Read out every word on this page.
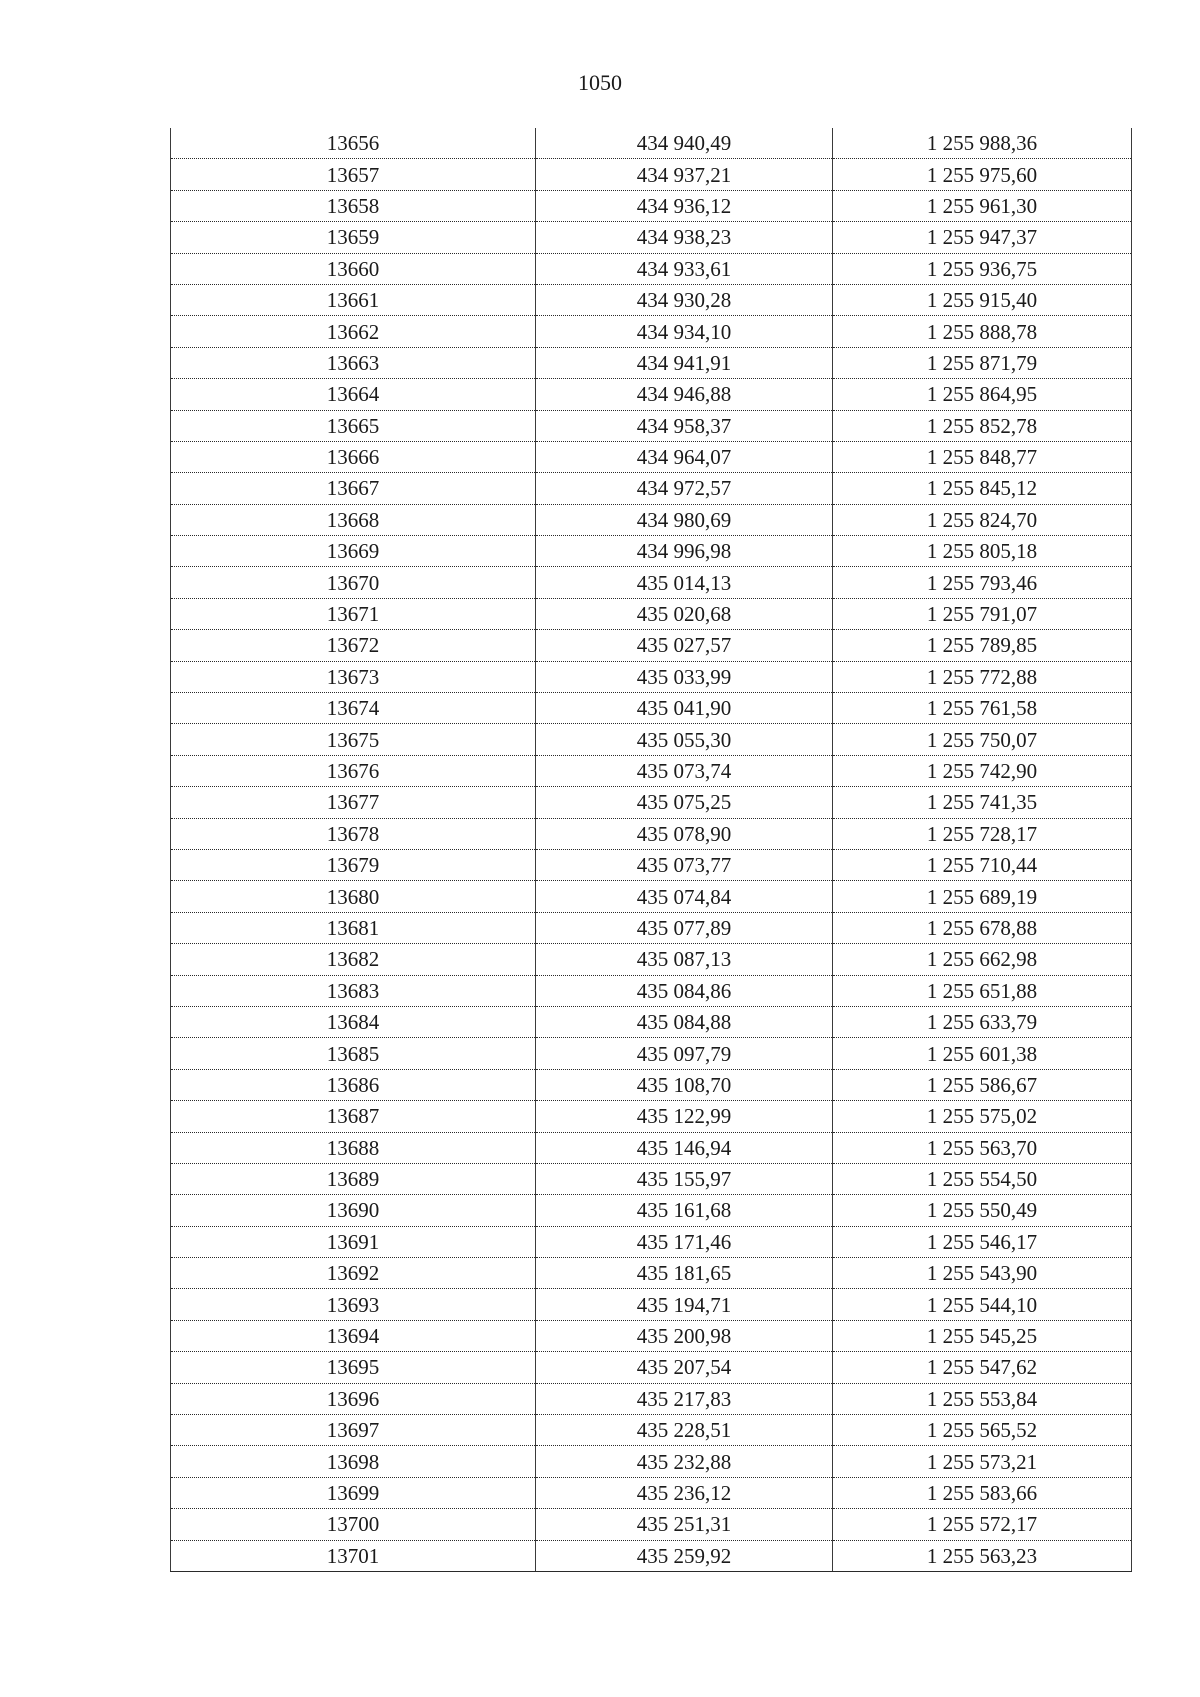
1050
13656	434 940,49	1 255 988,36
13657	434 937,21	1 255 975,60
13658	434 936,12	1 255 961,30
13659	434 938,23	1 255 947,37
13660	434 933,61	1 255 936,75
13661	434 930,28	1 255 915,40
13662	434 934,10	1 255 888,78
13663	434 941,91	1 255 871,79
13664	434 946,88	1 255 864,95
13665	434 958,37	1 255 852,78
13666	434 964,07	1 255 848,77
13667	434 972,57	1 255 845,12
13668	434 980,69	1 255 824,70
13669	434 996,98	1 255 805,18
13670	435 014,13	1 255 793,46
13671	435 020,68	1 255 791,07
13672	435 027,57	1 255 789,85
13673	435 033,99	1 255 772,88
13674	435 041,90	1 255 761,58
13675	435 055,30	1 255 750,07
13676	435 073,74	1 255 742,90
13677	435 075,25	1 255 741,35
13678	435 078,90	1 255 728,17
13679	435 073,77	1 255 710,44
13680	435 074,84	1 255 689,19
13681	435 077,89	1 255 678,88
13682	435 087,13	1 255 662,98
13683	435 084,86	1 255 651,88
13684	435 084,88	1 255 633,79
13685	435 097,79	1 255 601,38
13686	435 108,70	1 255 586,67
13687	435 122,99	1 255 575,02
13688	435 146,94	1 255 563,70
13689	435 155,97	1 255 554,50
13690	435 161,68	1 255 550,49
13691	435 171,46	1 255 546,17
13692	435 181,65	1 255 543,90
13693	435 194,71	1 255 544,10
13694	435 200,98	1 255 545,25
13695	435 207,54	1 255 547,62
13696	435 217,83	1 255 553,84
13697	435 228,51	1 255 565,52
13698	435 232,88	1 255 573,21
13699	435 236,12	1 255 583,66
13700	435 251,31	1 255 572,17
13701	435 259,92	1 255 563,23
